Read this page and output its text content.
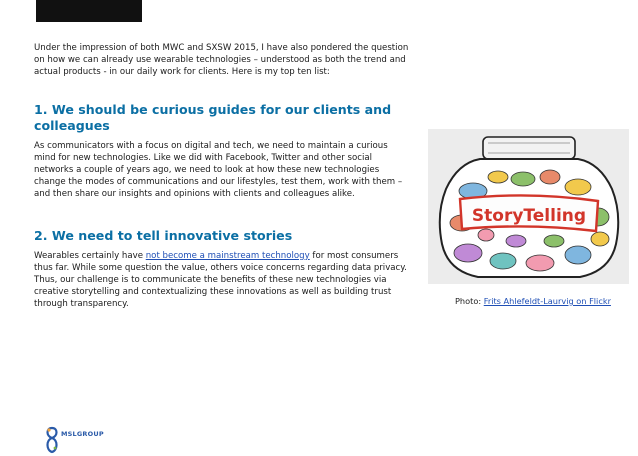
Under the impression of both MWC and SXSW 2015, I have also pondered the question on how we can already use wearable technologies – understood as both the trend and actual products - in our daily work for clients. Here is my top ten list:

1. We should be curious guides for our clients and colleagues

As communicators with a focus on digital and tech, we need to maintain a curious mind for new technologies. Like we did with Facebook, Twitter and other social networks a couple of years ago, we need to look at how these new technologies change the modes of communications and our lifestyles, test them, work with them – and then share our insights and opinions with clients and colleagues alike.

2. We need to tell innovative stories

Wearables certainly have not become a mainstream technology for most consumers thus far. While some question the value, others voice concerns regarding data privacy. Thus, our challenge is to communicate the benefits of these new technologies via creative storytelling and contextualizing these innovations as well as building trust through transparency.

StoryTelling
Photo: Frits Ahlefeldt-Laurvig on Flickr
MSLGROUP
